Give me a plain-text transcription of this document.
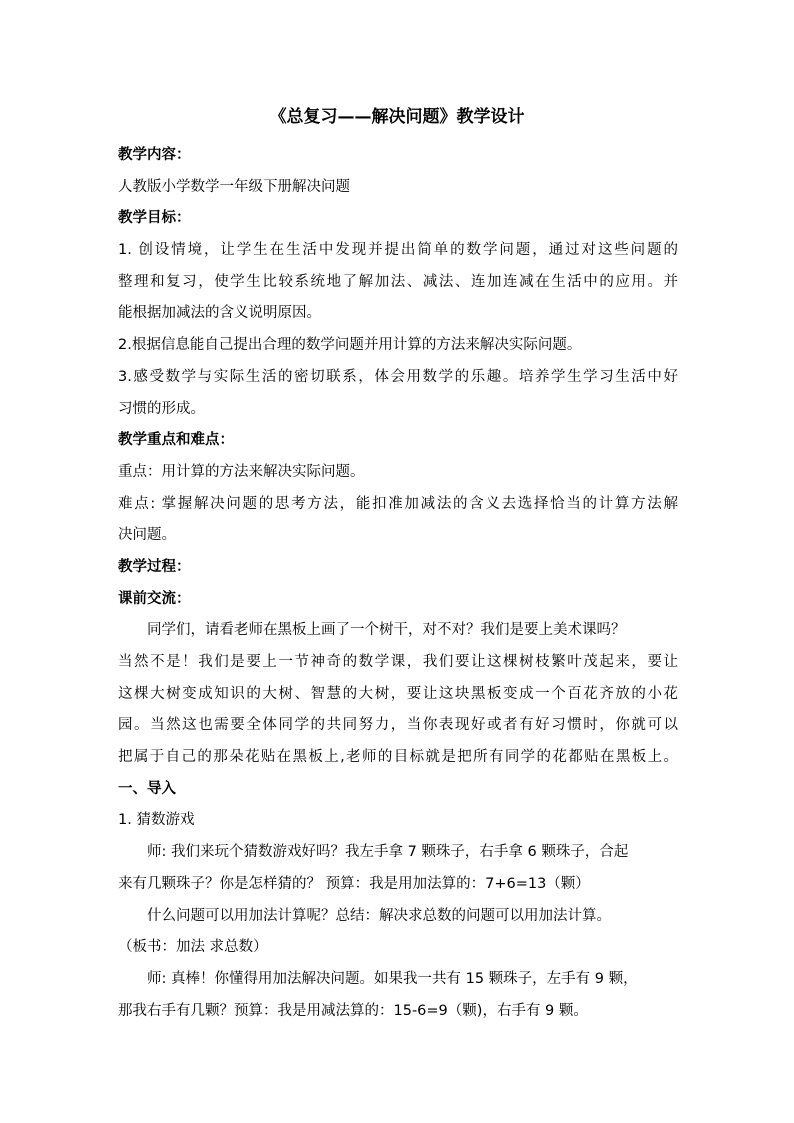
《总复习——解决问题》教学设计
教学内容：
人教版小学数学一年级下册解决问题
教学目标：
1. 创设情境，让学生在生活中发现并提出简单的数学问题，通过对这些问题的
整理和复习，使学生比较系统地了解加法、减法、连加连减在生活中的应用。并
能根据加减法的含义说明原因。
2.根据信息能自己提出合理的数学问题并用计算的方法来解决实际问题。
3.感受数学与实际生活的密切联系，体会用数学的乐趣。培养学生学习生活中好
习惯的形成。
教学重点和难点：
重点：用计算的方法来解决实际问题。
难点: 掌握解决问题的思考方法，能扣准加减法的含义去选择恰当的计算方法解
决问题。
教学过程：
课前交流：
同学们，请看老师在黑板上画了一个树干，对不对？我们是要上美术课吗？
当然不是！我们是要上一节神奇的数学课，我们要让这棵树枝繁叶茂起来，要让
这棵大树变成知识的大树、智慧的大树，要让这块黑板变成一个百花齐放的小花
园。当然这也需要全体同学的共同努力，当你表现好或者有好习惯时，你就可以
把属于自己的那朵花贴在黑板上,老师的目标就是把所有同学的花都贴在黑板上。
一、导入
1. 猜数游戏
师: 我们来玩个猜数游戏好吗？我左手拿 7 颗珠子，右手拿 6 颗珠子，合起
来有几颗珠子？你是怎样猜的？ 预算：我是用加法算的：7+6=13（颗）
什么问题可以用加法计算呢？总结：解决求总数的问题可以用加法计算。
（板书：加法 求总数）
师: 真棒！你懂得用加法解决问题。如果我一共有 15 颗珠子，左手有 9 颗，
那我右手有几颗？预算：我是用减法算的：15-6=9（颗)，右手有 9 颗。
